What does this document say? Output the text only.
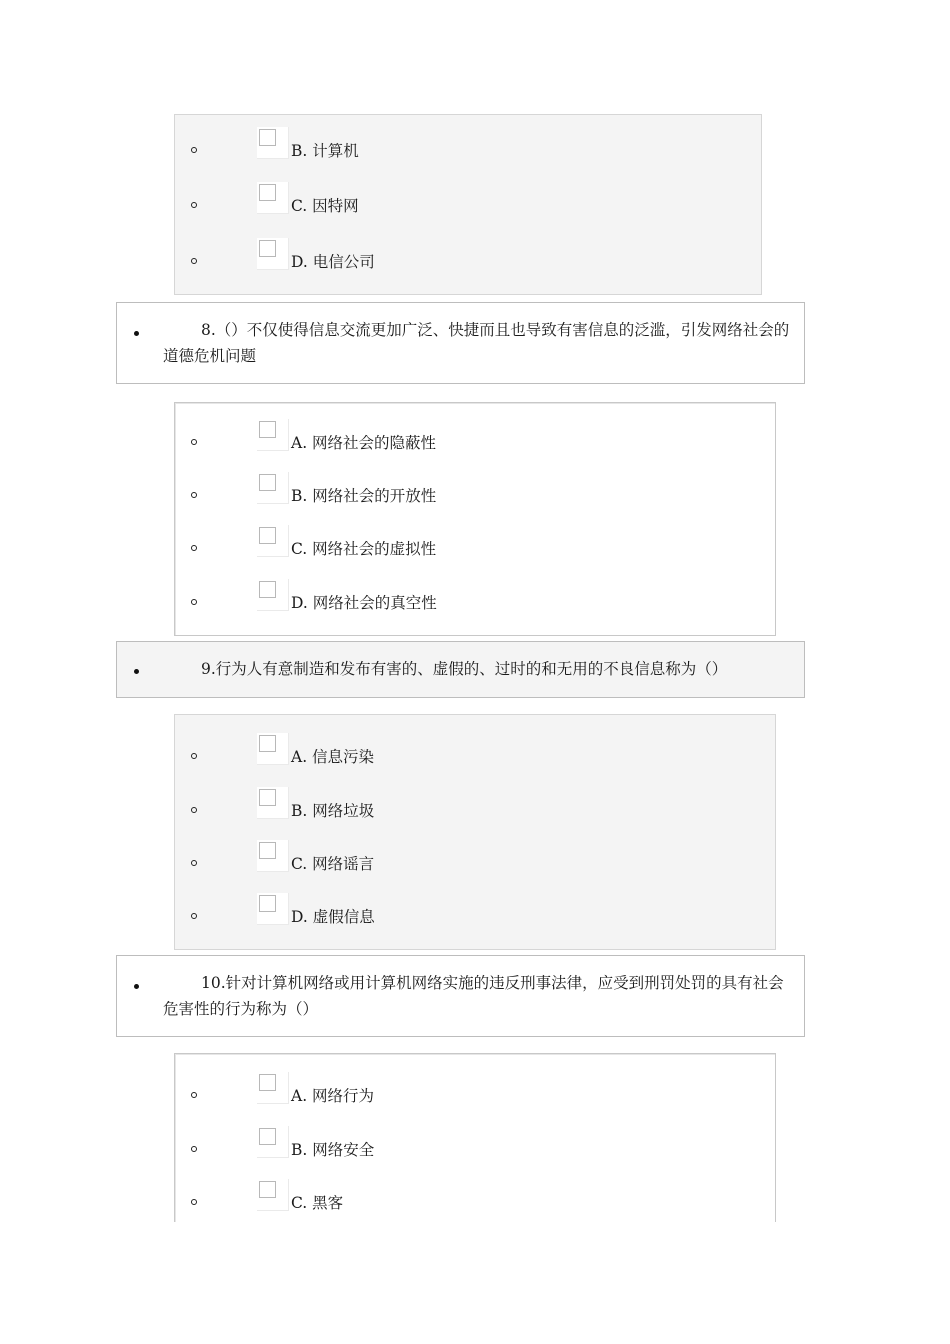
B. 计算机
C. 因特网
D. 电信公司
8.（）不仅使得信息交流更加广泛、快捷而且也导致有害信息的泛滥，引发网络社会的道德危机问题
A. 网络社会的隐蔽性
B. 网络社会的开放性
C. 网络社会的虚拟性
D. 网络社会的真空性
9.行为人有意制造和发布有害的、虚假的、过时的和无用的不良信息称为（）
A. 信息污染
B. 网络垃圾
C. 网络谣言
D. 虚假信息
10.针对计算机网络或用计算机网络实施的违反刑事法律，应受到刑罚处罚的具有社会危害性的行为称为（）
A. 网络行为
B. 网络安全
C. 黑客
